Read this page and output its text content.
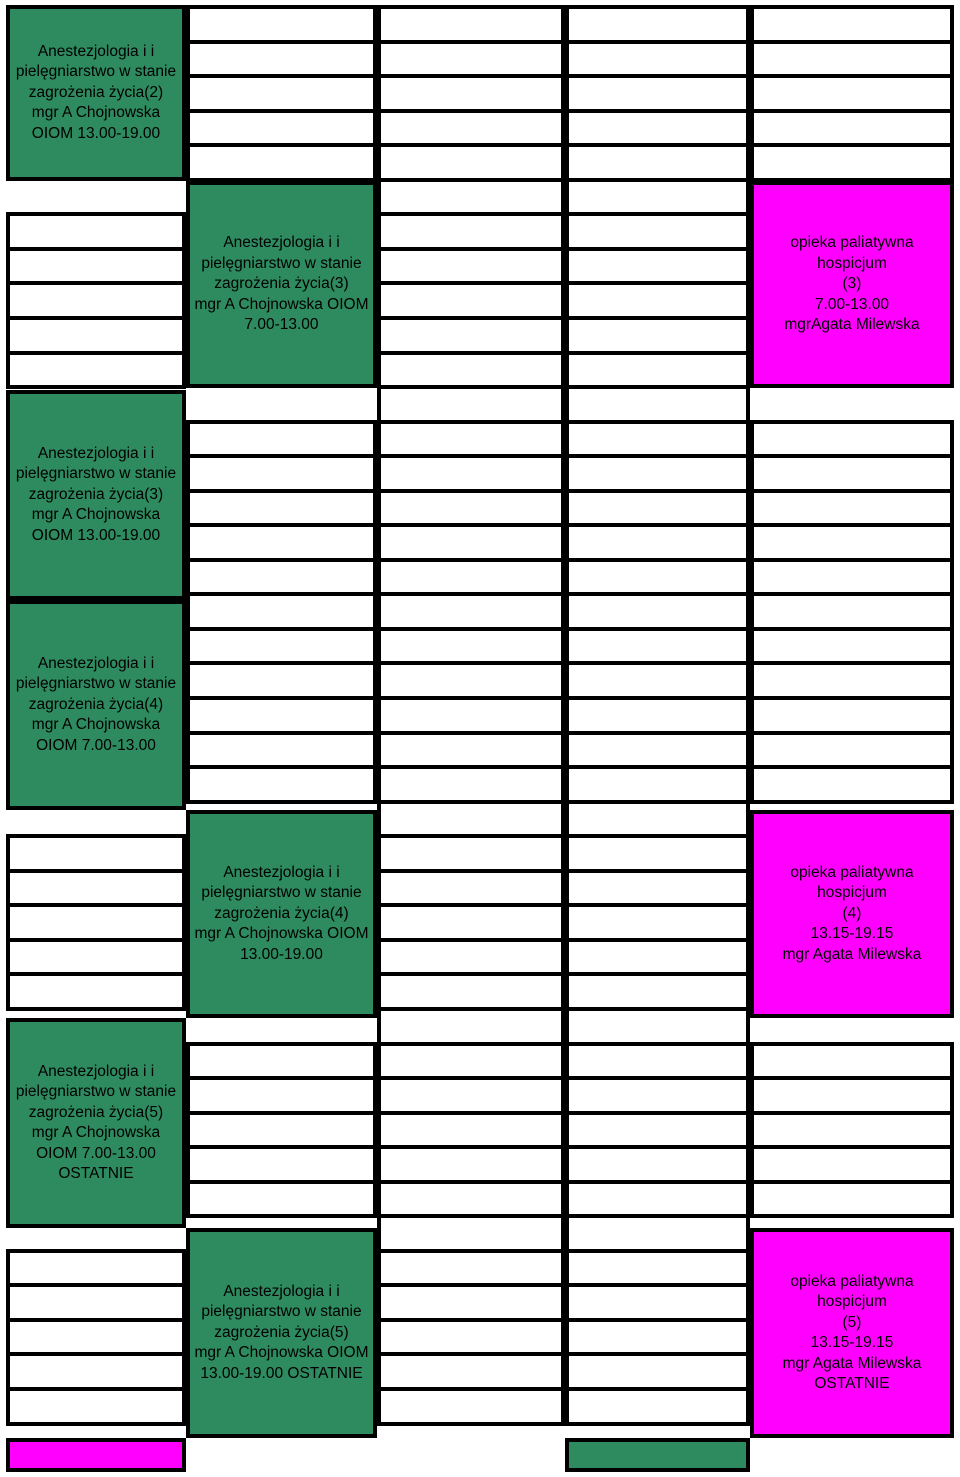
Anestezjologia i i
pielęgniarstwo w stanie
zagrożenia życia(2)
mgr A Chojnowska
OIOM 13.00-19.00
Anestezjologia i i
pielęgniarstwo w stanie
zagrożenia życia(3)
mgr A Chojnowska
OIOM 13.00-19.00
Anestezjologia i i
pielęgniarstwo w stanie
zagrożenia życia(4)
mgr A Chojnowska
OIOM 7.00-13.00
Anestezjologia i i
pielęgniarstwo w stanie
zagrożenia życia(5)
mgr A Chojnowska
OIOM 7.00-13.00
OSTATNIE
Anestezjologia i i
pielęgniarstwo w stanie
zagrożenia życia(3)
mgr A Chojnowska OIOM
7.00-13.00
Anestezjologia i i
pielęgniarstwo w stanie
zagrożenia życia(4)
mgr A Chojnowska OIOM
13.00-19.00
Anestezjologia i i
pielęgniarstwo w stanie
zagrożenia życia(5)
mgr A Chojnowska OIOM
13.00-19.00 OSTATNIE
opieka paliatywna
hospicjum
(3)
7.00-13.00
mgrAgata Milewska
opieka paliatywna
hospicjum
(4)
13.15-19.15
mgr Agata Milewska
opieka paliatywna
hospicjum
(5)
13.15-19.15
mgr Agata Milewska
OSTATNIE
